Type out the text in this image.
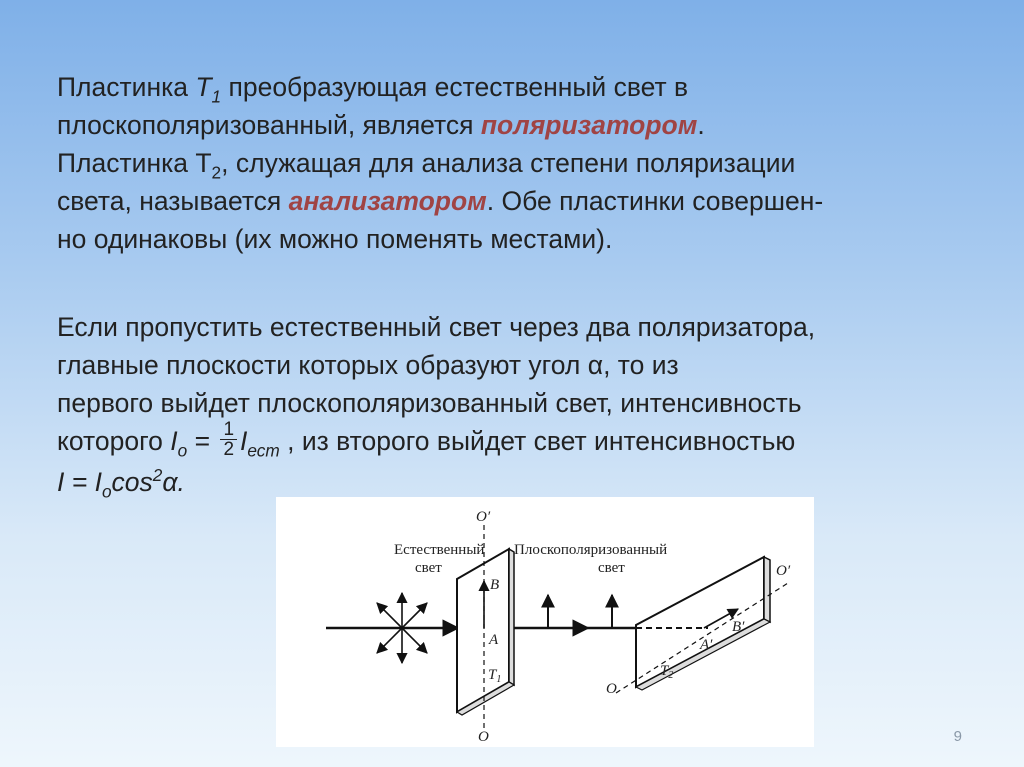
Пластинка $T_1$ преобразующая естественный свет в
плоскополяризованный, является поляризатором.
Пластинка $Т_2$, служащая для анализа степени поляризации
света, называется анализатором. Обе пластинки совершен-
но одинаковы (их можно поменять местами).

Если пропустить естественный свет через два поляризатора,
главные плоскости которых образуют угол α, то из
первого выйдет плоскополяризованный свет, интенсивность
которого $I_o = \frac{1}{2} I_{ест}$ , из второго выйдет свет интенсивностью
$I = I_o\cos^2\alpha$.

Естественный
свет
Плоскополяризованный
свет
O′
O
B
A
$T_1$
O′
O
A′
B′
$T_2$
9
